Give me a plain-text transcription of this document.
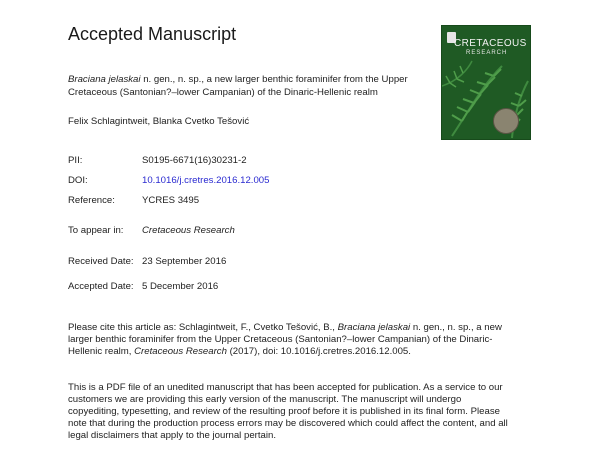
Accepted Manuscript
Braciana jelaskai n. gen., n. sp., a new larger benthic foraminifer from the Upper Cretaceous (Santonian?–lower Campanian) of the Dinaric-Hellenic realm
Felix Schlagintweit, Blanka Cvetko Tešović
PII:	S0195-6671(16)30231-2
DOI:	10.1016/j.cretres.2016.12.005
Reference:	YCRES 3495
To appear in: Cretaceous Research
Received Date: 23 September 2016
Accepted Date: 5 December 2016
Please cite this article as: Schlagintweit, F., Cvetko Tešović, B., Braciana jelaskai n. gen., n. sp., a new larger benthic foraminifer from the Upper Cretaceous (Santonian?–lower Campanian) of the Dinaric-Hellenic realm, Cretaceous Research (2017), doi: 10.1016/j.cretres.2016.12.005.
This is a PDF file of an unedited manuscript that has been accepted for publication. As a service to our customers we are providing this early version of the manuscript. The manuscript will undergo copyediting, typesetting, and review of the resulting proof before it is published in its final form. Please note that during the production process errors may be discovered which could affect the content, and all legal disclaimers that apply to the journal pertain.
CRETACEOUS
RESEARCH
